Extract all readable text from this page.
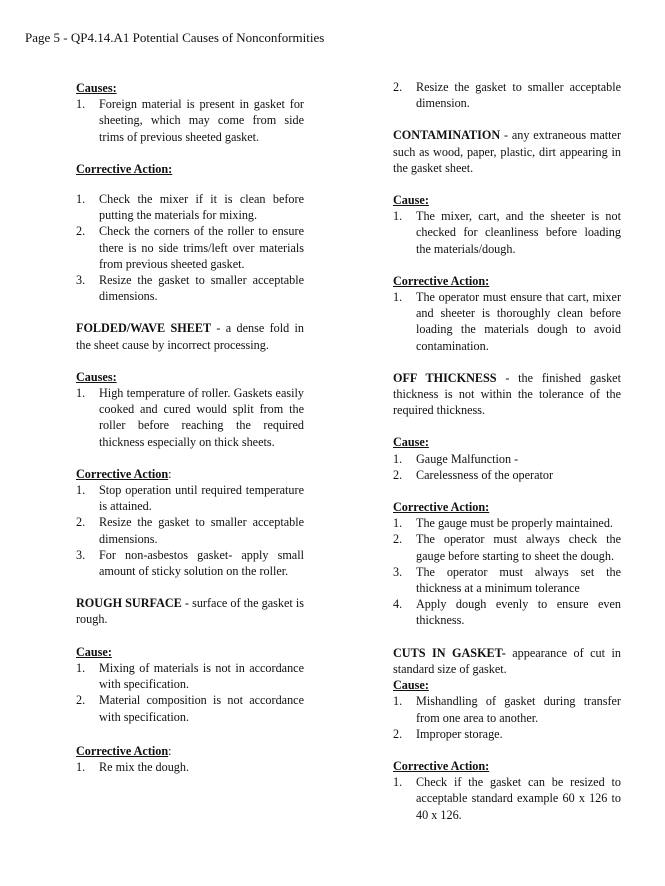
Page 5 - QP4.14.A1 Potential Causes of Nonconformities
Causes:
1. Foreign material is present in gasket for sheeting, which may come from side trims of previous sheeted gasket.
Corrective Action:
1. Check the mixer if it is clean before putting the materials for mixing.
2. Check the corners of the roller to ensure there is no side trims/left over materials from previous sheeted gasket.
3. Resize the gasket to smaller acceptable dimensions.
FOLDED/WAVE SHEET - a dense fold in the sheet cause by incorrect processing.
Causes:
1. High temperature of roller. Gaskets easily cooked and cured would split from the roller before reaching the required thickness especially on thick sheets.
Corrective Action:
1. Stop operation until required temperature is attained.
2. Resize the gasket to smaller acceptable dimensions.
3. For non-asbestos gasket- apply small amount of sticky solution on the roller.
ROUGH SURFACE - surface of the gasket is rough.
Cause:
1. Mixing of materials is not in accordance with specification.
2. Material composition is not accordance with specification.
Corrective Action:
1. Re mix the dough.
2. Resize the gasket to smaller acceptable dimension.
CONTAMINATION - any extraneous matter such as wood, paper, plastic, dirt appearing in the gasket sheet.
Cause:
1. The mixer, cart, and the sheeter is not checked for cleanliness before loading the materials/dough.
Corrective Action:
1. The operator must ensure that cart, mixer and sheeter is thoroughly clean before loading the materials dough to avoid contamination.
OFF THICKNESS - the finished gasket thickness is not within the tolerance of the required thickness.
Cause:
1. Gauge Malfunction -
2. Carelessness of the operator
Corrective Action:
1. The gauge must be properly maintained.
2. The operator must always check the gauge before starting to sheet the dough.
3. The operator must always set the thickness at a minimum tolerance
4. Apply dough evenly to ensure even thickness.
CUTS IN GASKET- appearance of cut in standard size of gasket.
Cause:
1. Mishandling of gasket during transfer from one area to another.
2. Improper storage.
Corrective Action:
1. Check if the gasket can be resized to acceptable standard example 60 x 126 to 40 x 126.
